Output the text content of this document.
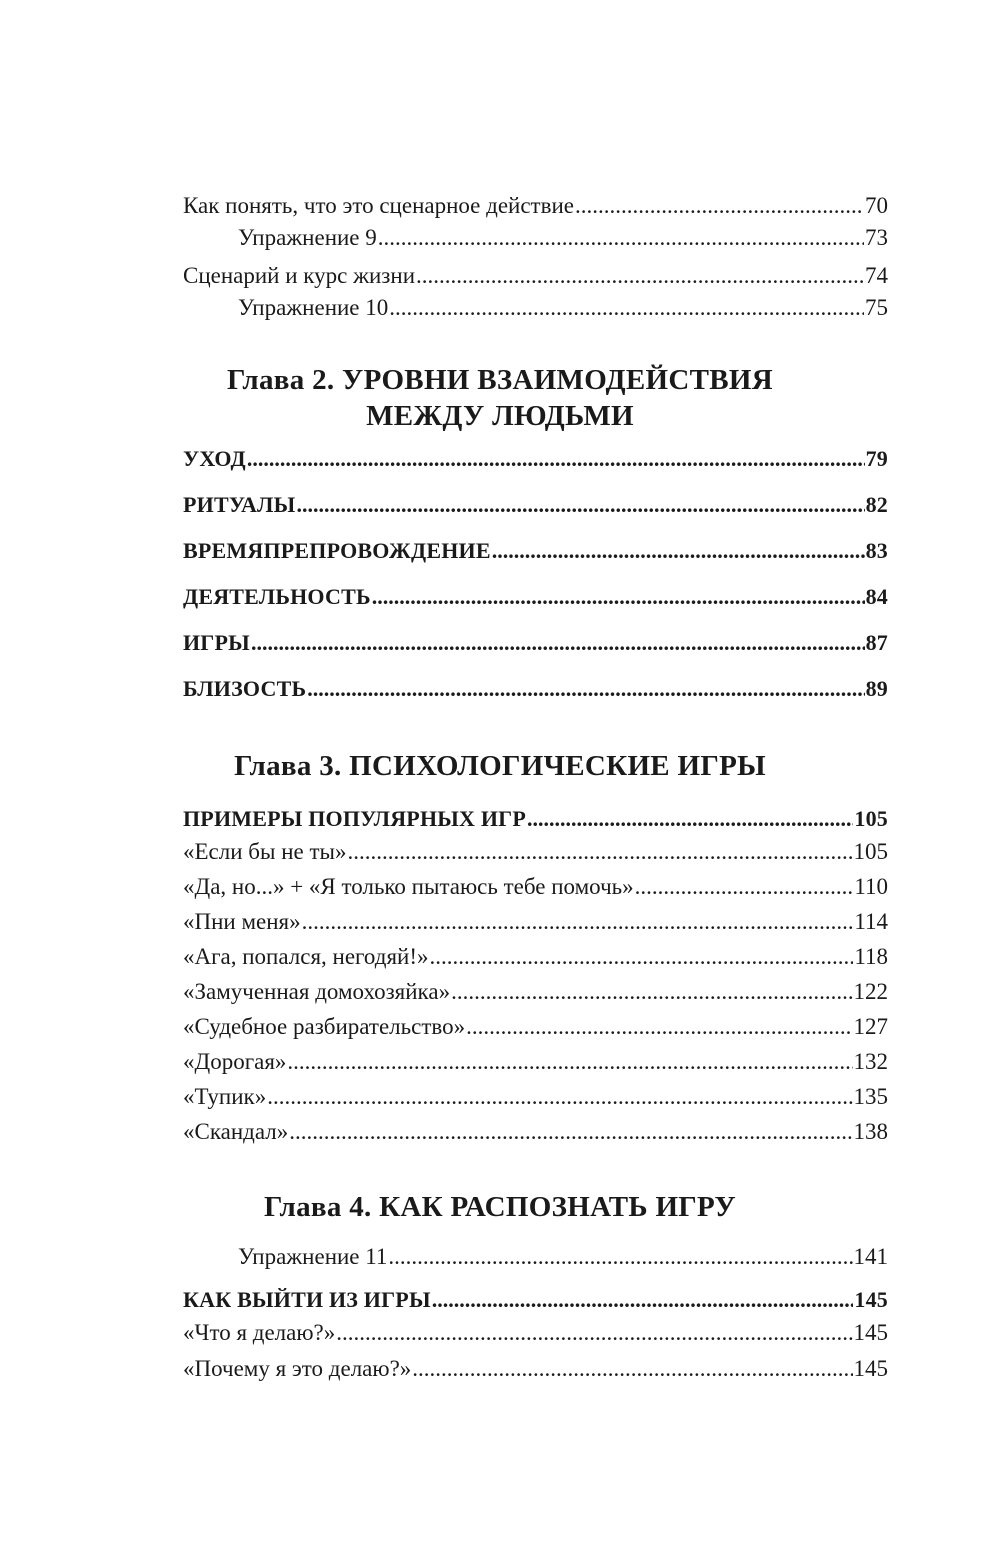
Как понять, что это сценарное действие .....	70
Упражнение 9 .....	73
Сценарий и курс жизни .....	74
Упражнение 10 .....	75
Глава 2. УРОВНИ ВЗАИМОДЕЙСТВИЯ
МЕЖДУ ЛЮДЬМИ
УХОД .....	79
РИТУАЛЫ .....	82
ВРЕМЯПРЕПРОВОЖДЕНИЕ .....	83
ДЕЯТЕЛЬНОСТЬ .....	84
ИГРЫ .....	87
БЛИЗОСТЬ .....	89
Глава 3. ПСИХОЛОГИЧЕСКИЕ ИГРЫ
ПРИМЕРЫ ПОПУЛЯРНЫХ ИГР .....	105
«Если бы не ты» .....	105
«Да, но...» + «Я только пытаюсь тебе помочь» .....	110
«Пни меня» .....	114
«Ага, попался, негодяй!» .....	118
«Замученная домохозяйка» .....	122
«Судебное разбирательство» .....	127
«Дорогая» .....	132
«Тупик» .....	135
«Скандал» .....	138
Глава 4. КАК РАСПОЗНАТЬ ИГРУ
Упражнение 11 .....	141
КАК ВЫЙТИ ИЗ ИГРЫ .....	145
«Что я делаю?» .....	145
«Почему я это делаю?» .....	145
